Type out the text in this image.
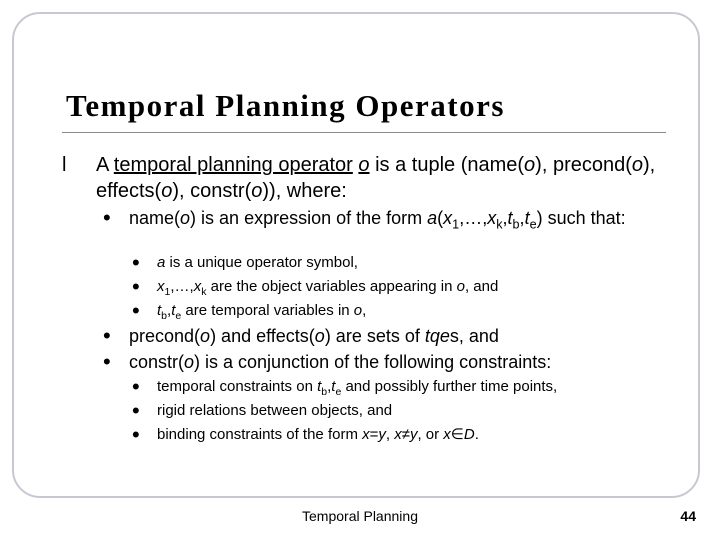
Temporal Planning Operators
l A temporal planning operator o is a tuple (name(o), precond(o), effects(o), constr(o)), where:
• name(o) is an expression of the form $a(x_1,\dots,x_k,t_b,t_e)$ such that:
• a is a unique operator symbol,
• $x_1,\dots,x_k$ are the object variables appearing in o, and
• $t_b,t_e$ are temporal variables in o,
• precond(o) and effects(o) are sets of tqes, and
• constr(o) is a conjunction of the following constraints:
• temporal constraints on $t_b,t_e$ and possibly further time points,
• rigid relations between objects, and
• binding constraints of the form x=y, x≠y, or x∈D.
Temporal Planning	44
